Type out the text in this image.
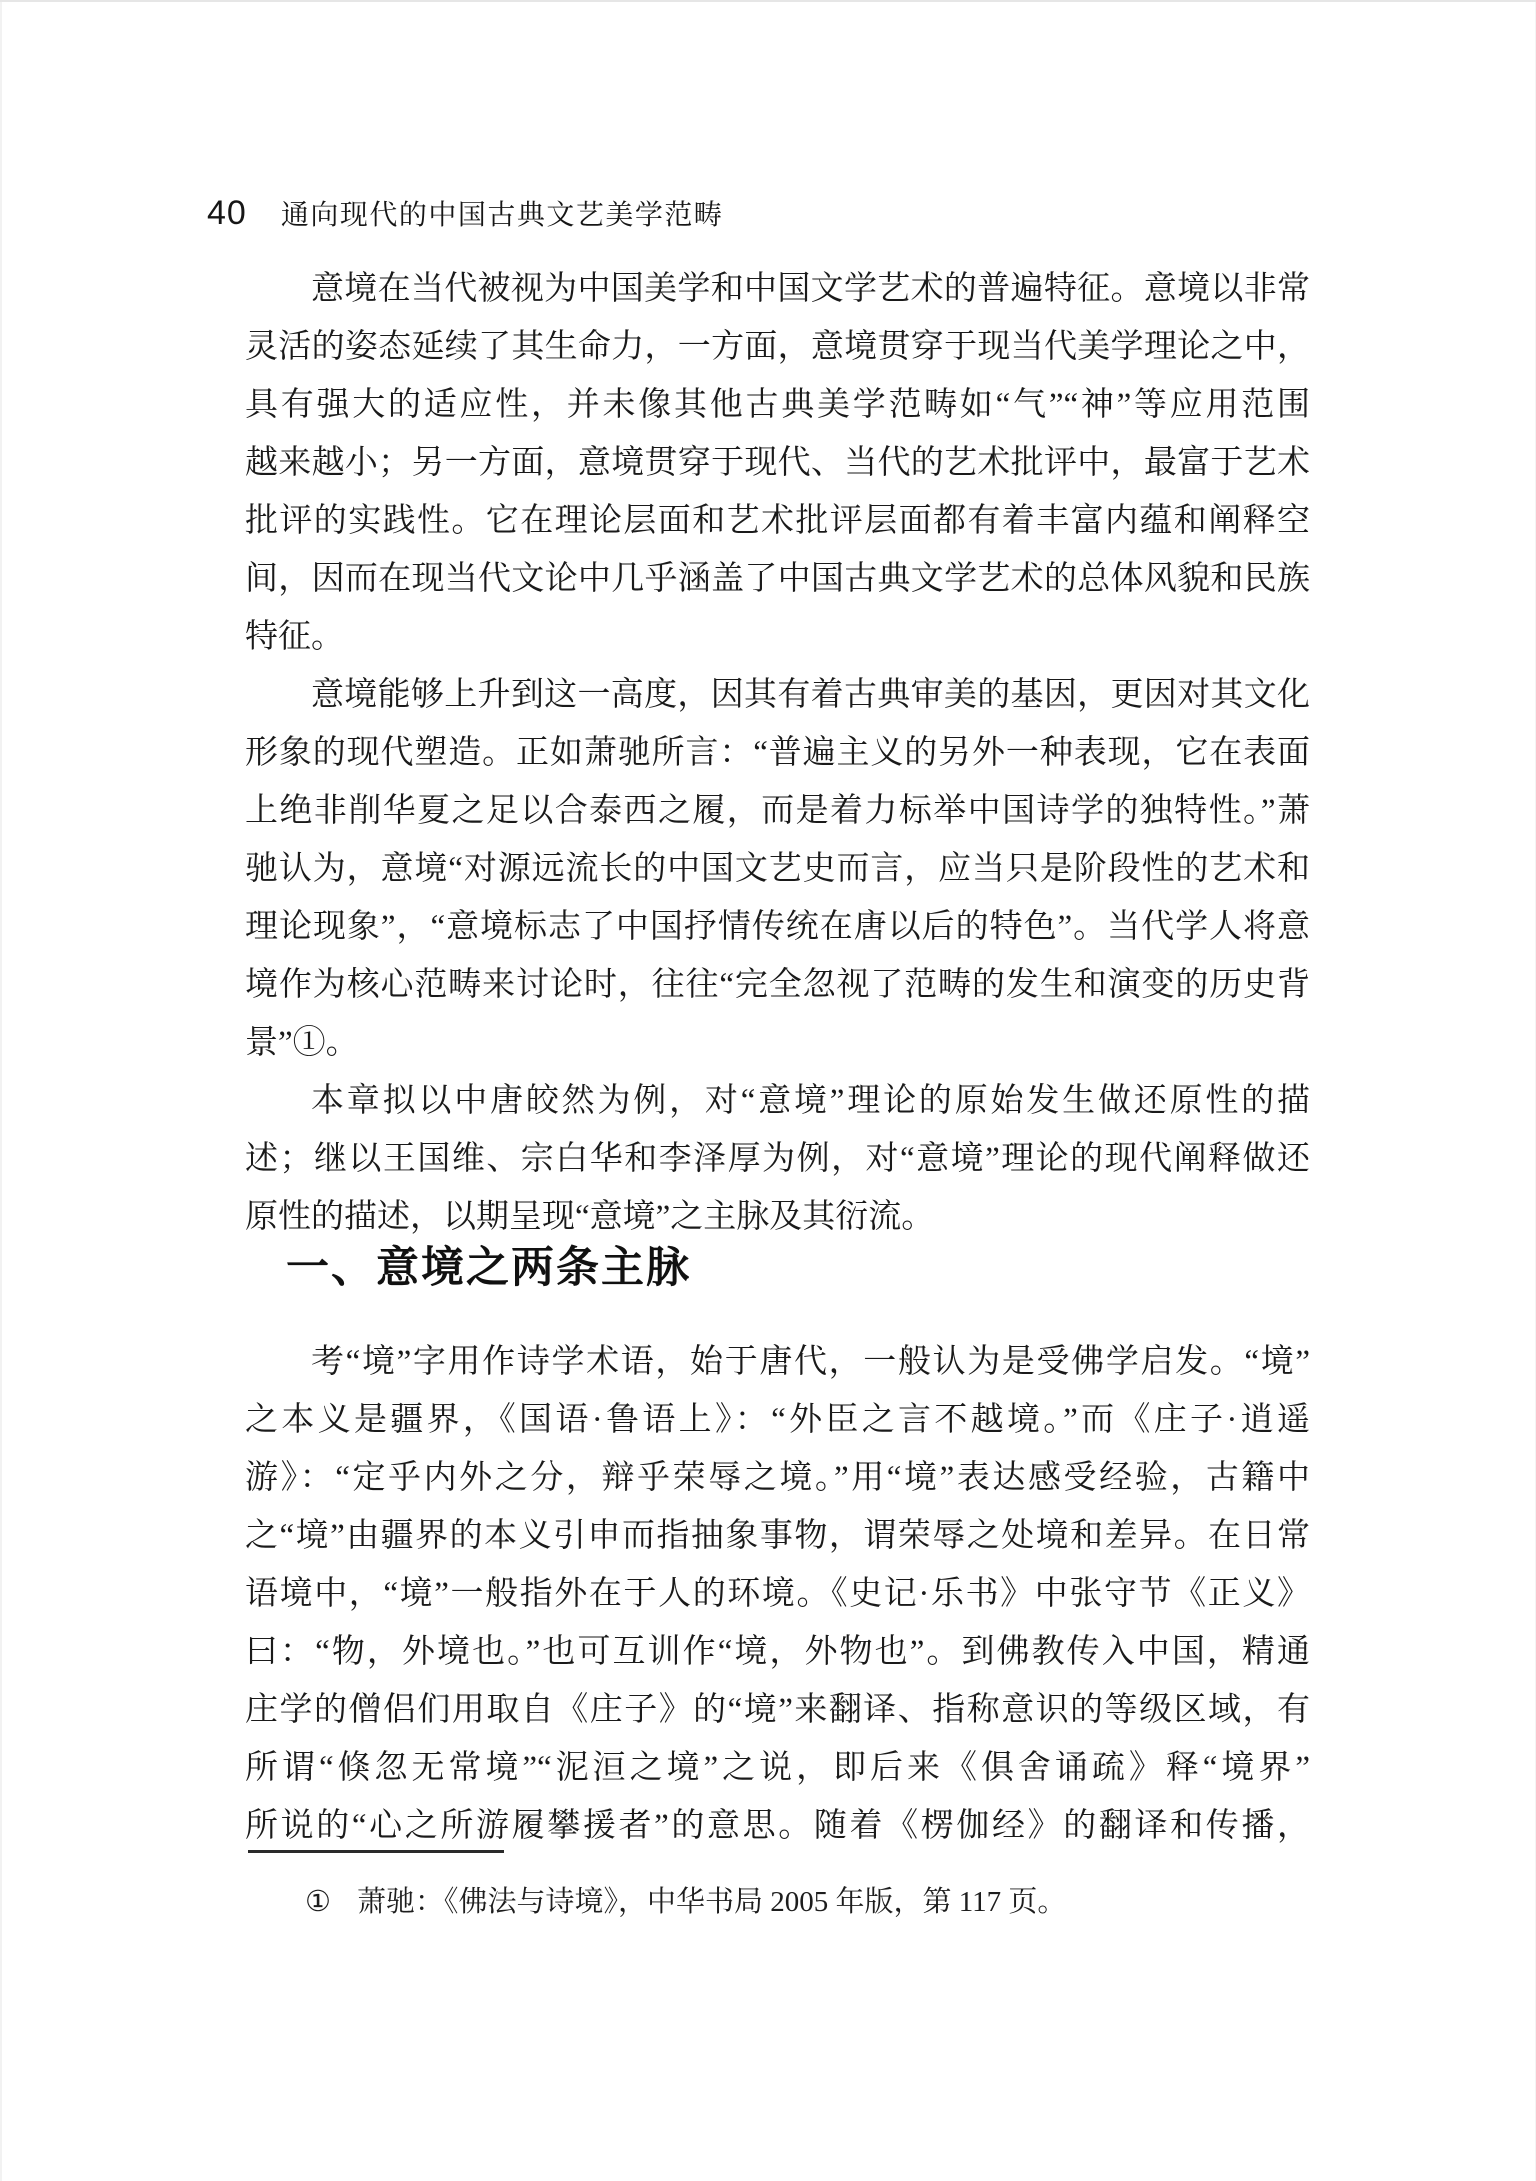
40 通向现代的中国古典文艺美学范畴
意境在当代被视为中国美学和中国文学艺术的普遍特征。意境以非常
灵活的姿态延续了其生命力，一方面，意境贯穿于现当代美学理论之中，
具有强大的适应性，并未像其他古典美学范畴如“气”“神”等应用范围
越来越小；另一方面，意境贯穿于现代、当代的艺术批评中，最富于艺术
批评的实践性。它在理论层面和艺术批评层面都有着丰富内蕴和阐释空
间，因而在现当代文论中几乎涵盖了中国古典文学艺术的总体风貌和民族
特征。
意境能够上升到这一高度，因其有着古典审美的基因，更因对其文化
形象的现代塑造。正如萧驰所言：“普遍主义的另外一种表现，它在表面
上绝非削华夏之足以合泰西之履，而是着力标举中国诗学的独特性。”萧
驰认为，意境“对源远流长的中国文艺史而言，应当只是阶段性的艺术和
理论现象”，“意境标志了中国抒情传统在唐以后的特色”。当代学人将意
境作为核心范畴来讨论时，往往“完全忽视了范畴的发生和演变的历史背
景”①。
本章拟以中唐皎然为例，对“意境”理论的原始发生做还原性的描
述；继以王国维、宗白华和李泽厚为例，对“意境”理论的现代阐释做还
原性的描述，以期呈现“意境”之主脉及其衍流。
一、意境之两条主脉
考“境”字用作诗学术语，始于唐代，一般认为是受佛学启发。“境”
之本义是疆界，《国语·鲁语上》：“外臣之言不越境。”而《庄子·逍遥
游》：“定乎内外之分，辩乎荣辱之境。”用“境”表达感受经验，古籍中
之“境”由疆界的本义引申而指抽象事物，谓荣辱之处境和差异。在日常
语境中，“境”一般指外在于人的环境。《史记·乐书》中张守节《正义》
曰：“物，外境也。”也可互训作“境，外物也”。到佛教传入中国，精通
庄学的僧侣们用取自《庄子》的“境”来翻译、指称意识的等级区域，有
所谓“倏忽无常境”“泥洹之境”之说，即后来《俱舍诵疏》释“境界”
所说的“心之所游履攀援者”的意思。随着《楞伽经》的翻译和传播，
① 萧驰：《佛法与诗境》，中华书局 2005 年版，第 117 页。
